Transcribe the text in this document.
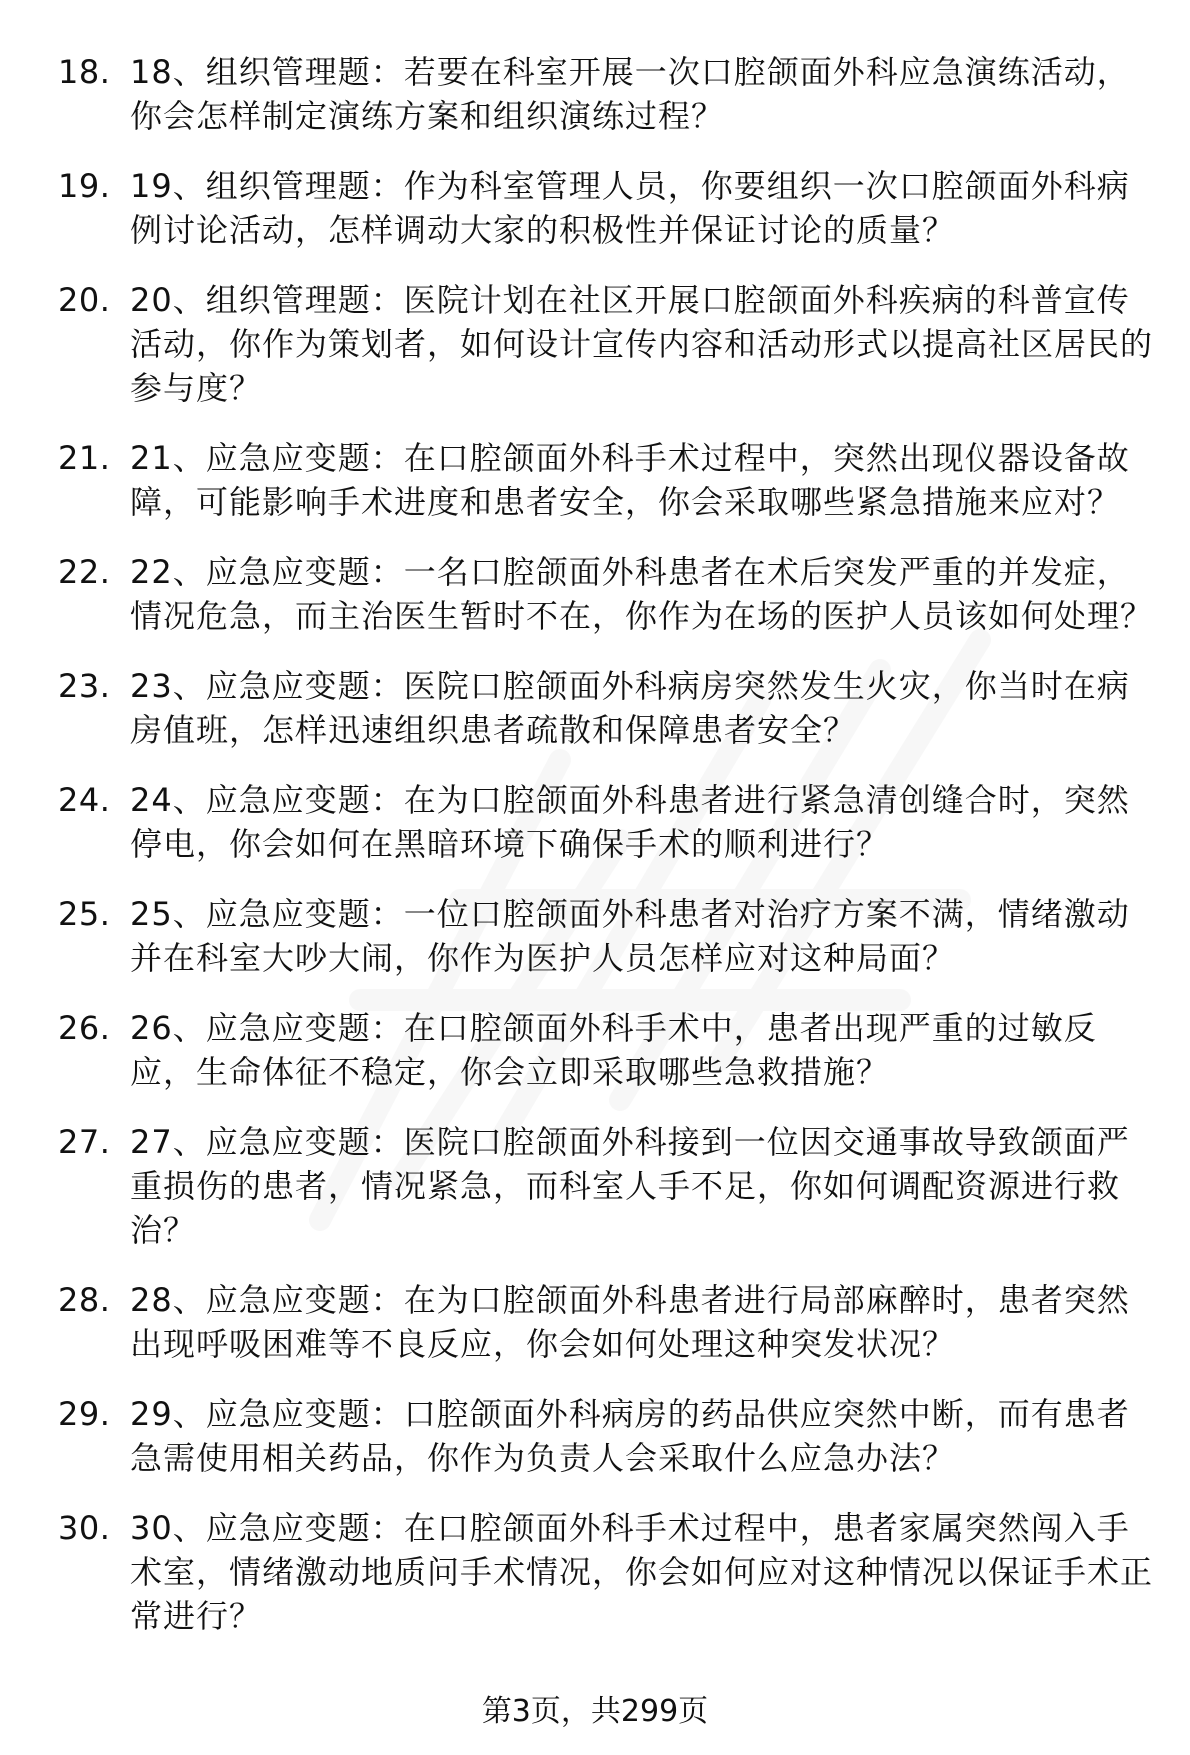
18. 18、组织管理题：若要在科室开展一次口腔颌面外科应急演练活动，你会怎样制定演练方案和组织演练过程？
19. 19、组织管理题：作为科室管理人员，你要组织一次口腔颌面外科病例讨论活动，怎样调动大家的积极性并保证讨论的质量？
20. 20、组织管理题：医院计划在社区开展口腔颌面外科疾病的科普宣传活动，你作为策划者，如何设计宣传内容和活动形式以提高社区居民的参与度？
21. 21、应急应变题：在口腔颌面外科手术过程中，突然出现仪器设备故障，可能影响手术进度和患者安全，你会采取哪些紧急措施来应对？
22. 22、应急应变题：一名口腔颌面外科患者在术后突发严重的并发症，情况危急，而主治医生暂时不在，你作为在场的医护人员该如何处理？
23. 23、应急应变题：医院口腔颌面外科病房突然发生火灾，你当时在病房值班，怎样迅速组织患者疏散和保障患者安全？
24. 24、应急应变题：在为口腔颌面外科患者进行紧急清创缝合时，突然停电，你会如何在黑暗环境下确保手术的顺利进行？
25. 25、应急应变题：一位口腔颌面外科患者对治疗方案不满，情绪激动并在科室大吵大闹，你作为医护人员怎样应对这种局面？
26. 26、应急应变题：在口腔颌面外科手术中，患者出现严重的过敏反应，生命体征不稳定，你会立即采取哪些急救措施？
27. 27、应急应变题：医院口腔颌面外科接到一位因交通事故导致颌面严重损伤的患者，情况紧急，而科室人手不足，你如何调配资源进行救治？
28. 28、应急应变题：在为口腔颌面外科患者进行局部麻醉时，患者突然出现呼吸困难等不良反应，你会如何处理这种突发状况？
29. 29、应急应变题：口腔颌面外科病房的药品供应突然中断，而有患者急需使用相关药品，你作为负责人会采取什么应急办法？
30. 30、应急应变题：在口腔颌面外科手术过程中，患者家属突然闯入手术室，情绪激动地质问手术情况，你会如何应对这种情况以保证手术正常进行？
第3页，共299页
